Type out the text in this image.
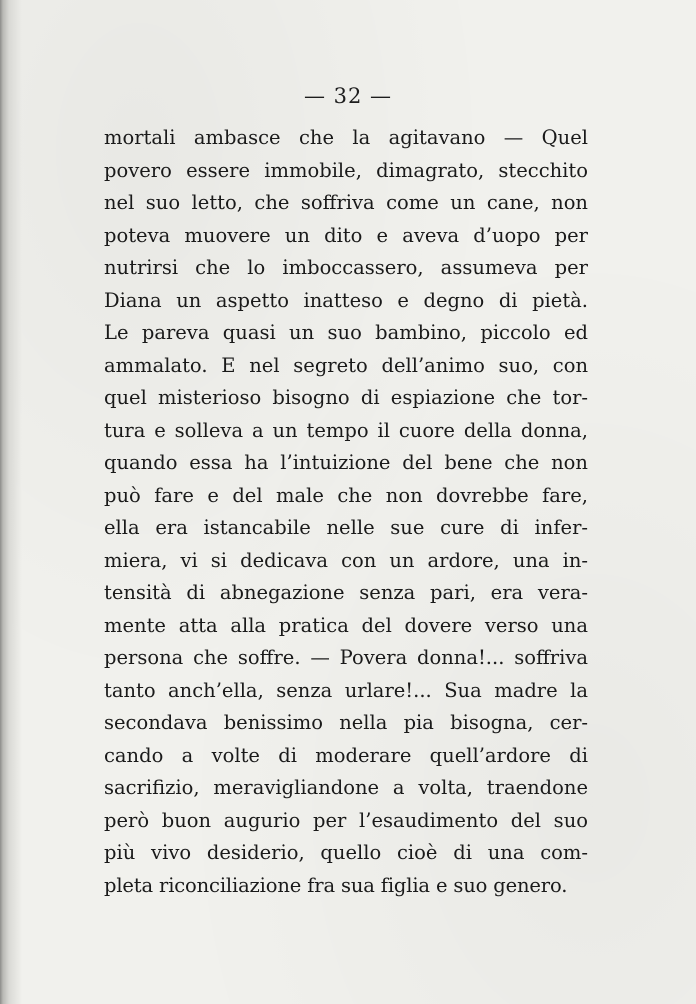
— 32 —
mortali ambasce che la agitavano — Quel
povero essere immobile, dimagrato, stecchito
nel suo letto, che soffriva come un cane, non
poteva muovere un dito e aveva d’uopo per
nutrirsi che lo imboccassero, assumeva per
Diana un aspetto inatteso e degno di pietà.
Le pareva quasi un suo bambino, piccolo ed
ammalato. E nel segreto dell’animo suo, con
quel misterioso bisogno di espiazione che tor-
tura e solleva a un tempo il cuore della donna,
quando essa ha l’intuizione del bene che non
può fare e del male che non dovrebbe fare,
ella era istancabile nelle sue cure di infer-
miera, vi si dedicava con un ardore, una in-
tensità di abnegazione senza pari, era vera-
mente atta alla pratica del dovere verso una
persona che soffre. — Povera donna!... soffriva
tanto anch’ella, senza urlare!... Sua madre la
secondava benissimo nella pia bisogna, cer-
cando a volte di moderare quell’ardore di
sacrifizio, meravigliandone a volta, traendone
però buon augurio per l’esaudimento del suo
più vivo desiderio, quello cioè di una com-
pleta riconciliazione fra sua figlia e suo genero.
